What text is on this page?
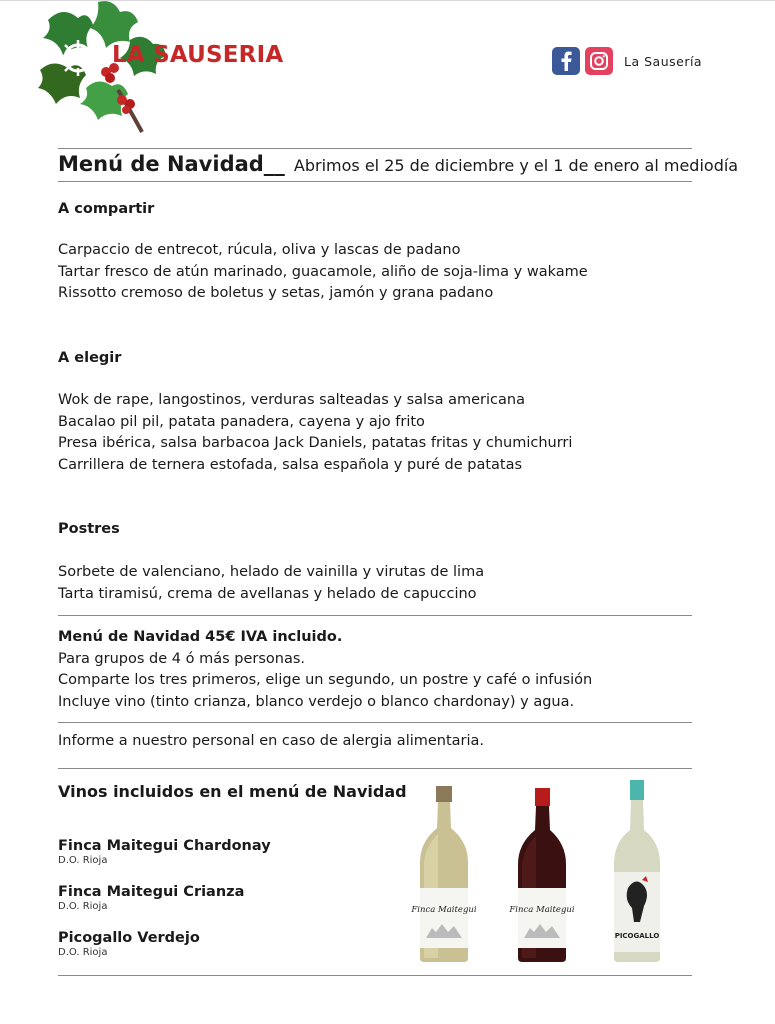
LA SAUSERIA	La Sausería
Menú de Navidad__ Abrimos el 25 de diciembre y el 1 de enero al mediodía
A compartir
Carpaccio de entrecot, rúcula, oliva y lascas de padano
Tartar fresco de atún marinado, guacamole, aliño de soja-lima y wakame
Rissotto cremoso de boletus y setas, jamón y grana padano
A elegir
Wok de rape, langostinos, verduras salteadas y salsa americana
Bacalao pil pil, patata panadera, cayena y ajo frito
Presa ibérica, salsa barbacoa Jack Daniels, patatas fritas y chumichurri
Carrillera de ternera estofada, salsa española y puré de patatas
Postres
Sorbete de valenciano, helado de vainilla y virutas de lima
Tarta tiramisú, crema de avellanas y helado de capuccino
Menú de Navidad 45€ IVA incluido.
Para grupos de 4 ó más personas.
Comparte los tres primeros, elige un segundo, un postre y café o infusión
Incluye vino (tinto crianza, blanco verdejo o blanco chardonay) y agua.
Informe a nuestro personal en caso de alergia alimentaria.
Vinos incluidos en el menú de Navidad
Finca Maitegui Chardonay
D.O. Rioja
Finca Maitegui Crianza
D.O. Rioja
Picogallo Verdejo
D.O. Rioja
Finca Maitegui	Finca Maitegui
PICOGALLO
